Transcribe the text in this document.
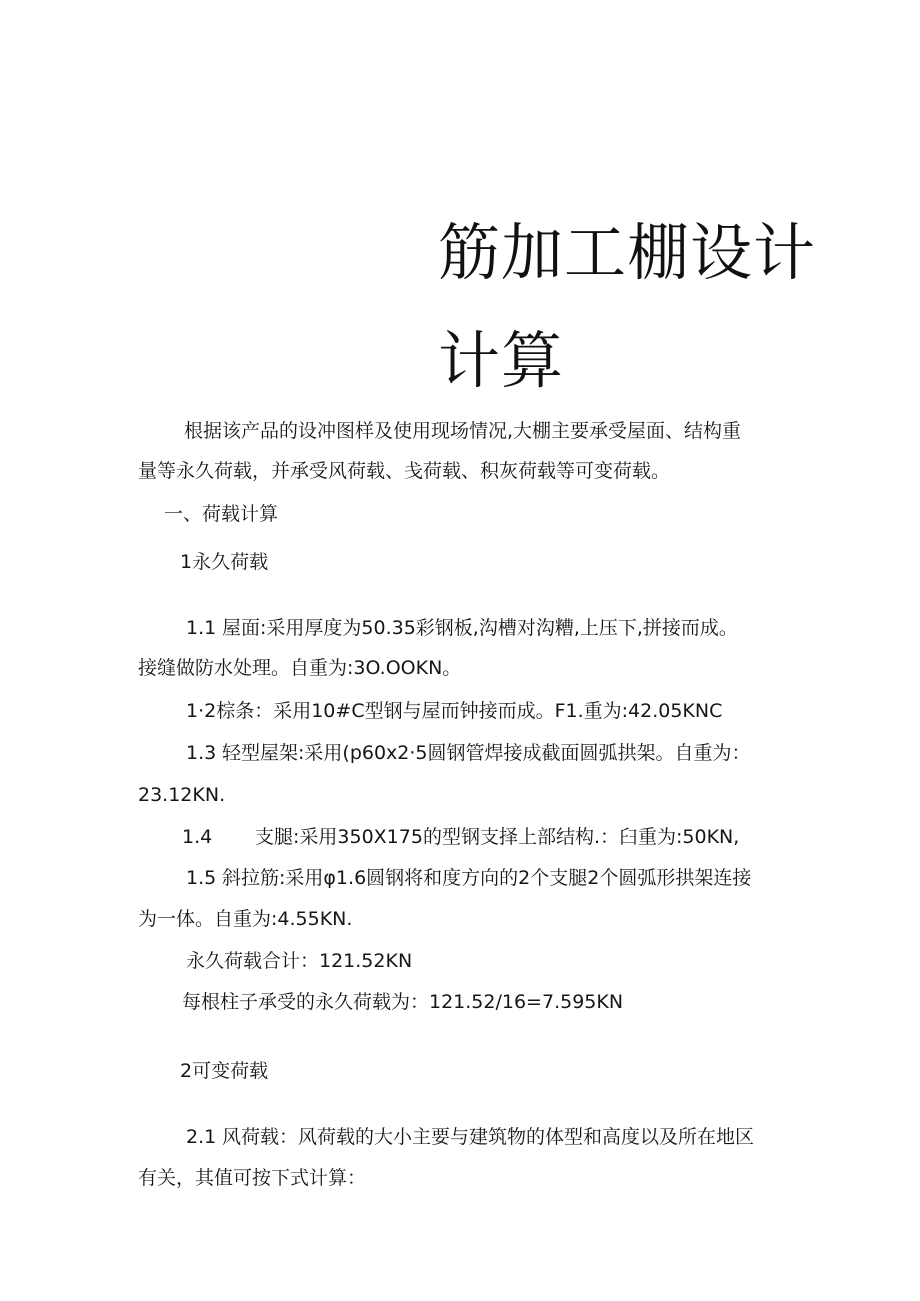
筋加工棚设计
计算
根据该产品的设冲图样及使用现场情况,大棚主要承受屋面、结构重
量等永久荷载，并承受风荷载、戋荷载、积灰荷载等可变荷载。
一、荷载计算
1永久荷载
1.1 屋面:采用厚度为50.35彩钢板,沟槽对沟糟,上压下,拼接而成。
接缝做防水处理。自重为:3O.OOKN。
1·2棕条：采用10#C型钢与屋而钟接而成。F1.重为:42.05KNC
1.3 轻型屋架:采用(p60x2·5圆钢管焊接成截面圆弧拱架。自重为：
23.12KN.
1.4 支腿:采用350X175的型钢支择上部结构.：臼重为:50KN,
1.5 斜拉筋:采用φ1.6圆钢将和度方向的2个支腿2个圆弧形拱架连接
为一体。自重为:4.55KN.
永久荷载合计：121.52KN
每根柱子承受的永久荷载为：121.52/16=7.595KN
2可变荷载
2.1 风荷载：风荷载的大小主要与建筑物的体型和高度以及所在地区
有关，其值可按下式计算：
